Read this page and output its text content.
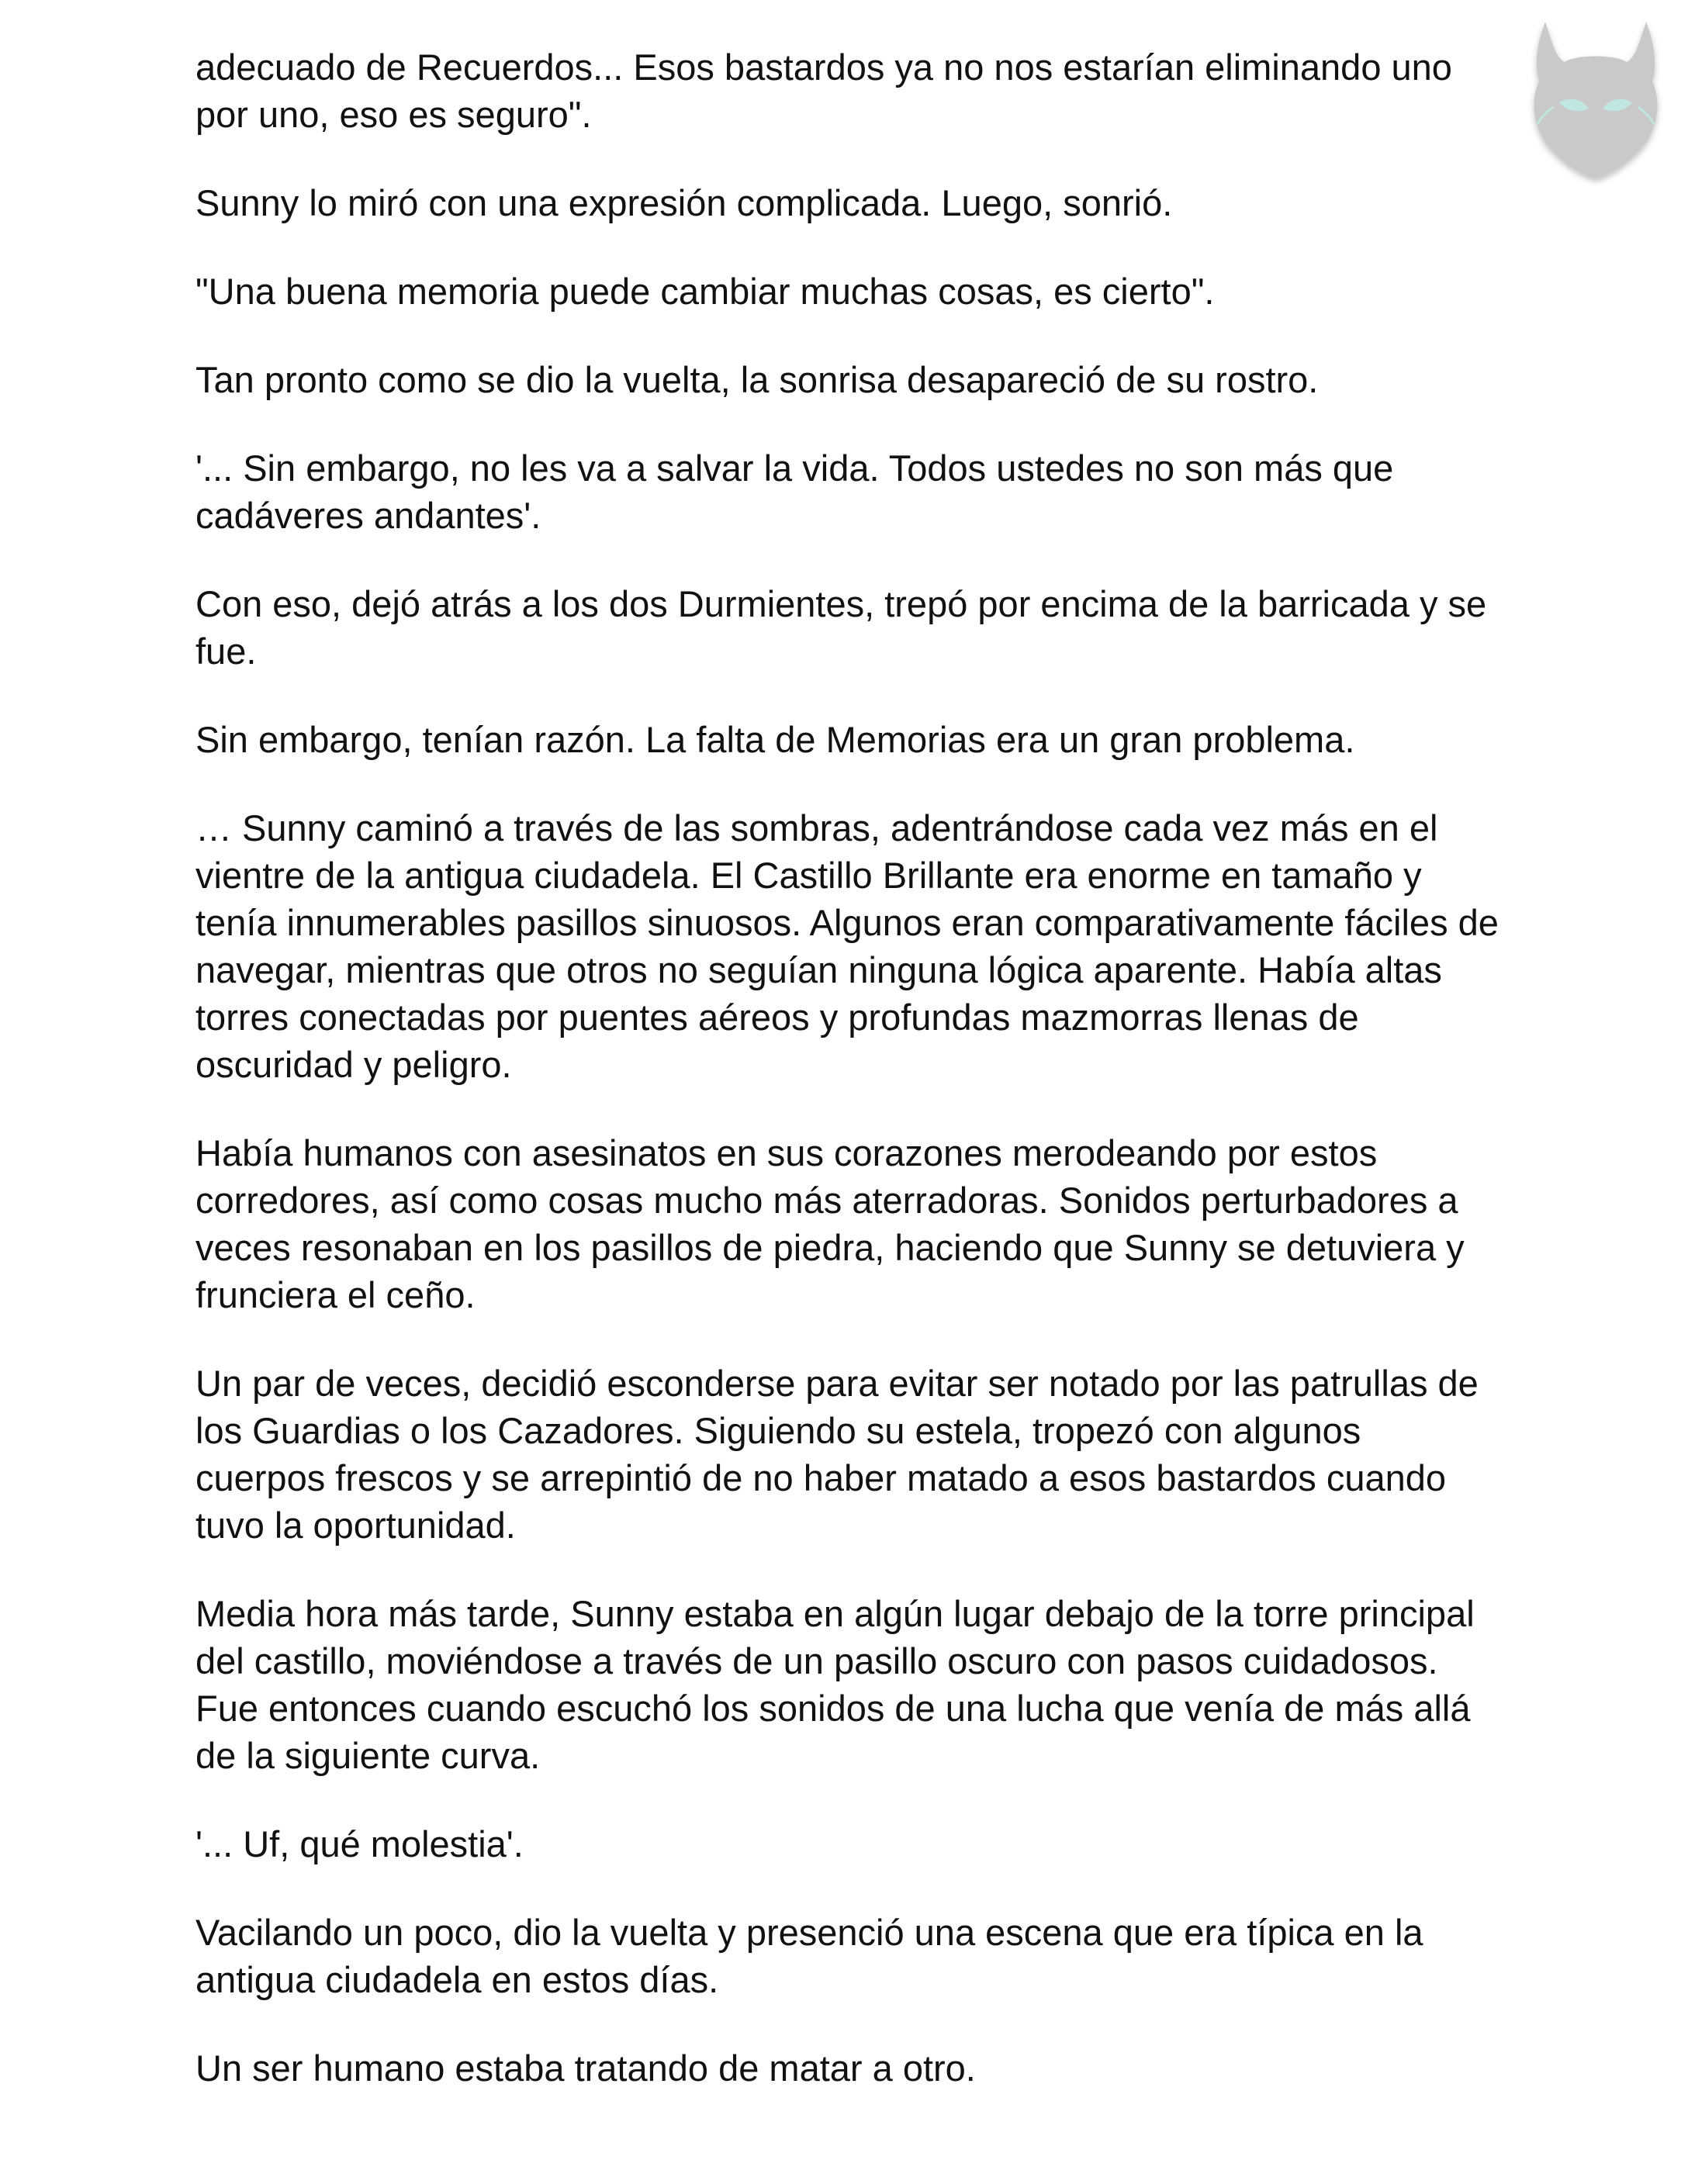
adecuado de Recuerdos... Esos bastardos ya no nos estarían eliminando uno por uno, eso es seguro".

Sunny lo miró con una expresión complicada. Luego, sonrió.

"Una buena memoria puede cambiar muchas cosas, es cierto".

Tan pronto como se dio la vuelta, la sonrisa desapareció de su rostro.

'... Sin embargo, no les va a salvar la vida. Todos ustedes no son más que cadáveres andantes'.

Con eso, dejó atrás a los dos Durmientes, trepó por encima de la barricada y se fue.

Sin embargo, tenían razón. La falta de Memorias era un gran problema.

… Sunny caminó a través de las sombras, adentrándose cada vez más en el vientre de la antigua ciudadela. El Castillo Brillante era enorme en tamaño y tenía innumerables pasillos sinuosos. Algunos eran comparativamente fáciles de navegar, mientras que otros no seguían ninguna lógica aparente. Había altas torres conectadas por puentes aéreos y profundas mazmorras llenas de oscuridad y peligro.

Había humanos con asesinatos en sus corazones merodeando por estos corredores, así como cosas mucho más aterradoras. Sonidos perturbadores a veces resonaban en los pasillos de piedra, haciendo que Sunny se detuviera y frunciera el ceño.

Un par de veces, decidió esconderse para evitar ser notado por las patrullas de los Guardias o los Cazadores. Siguiendo su estela, tropezó con algunos cuerpos frescos y se arrepintió de no haber matado a esos bastardos cuando tuvo la oportunidad.

Media hora más tarde, Sunny estaba en algún lugar debajo de la torre principal del castillo, moviéndose a través de un pasillo oscuro con pasos cuidadosos. Fue entonces cuando escuchó los sonidos de una lucha que venía de más allá de la siguiente curva.

'... Uf, qué molestia'.

Vacilando un poco, dio la vuelta y presenció una escena que era típica en la antigua ciudadela en estos días.

Un ser humano estaba tratando de matar a otro.
